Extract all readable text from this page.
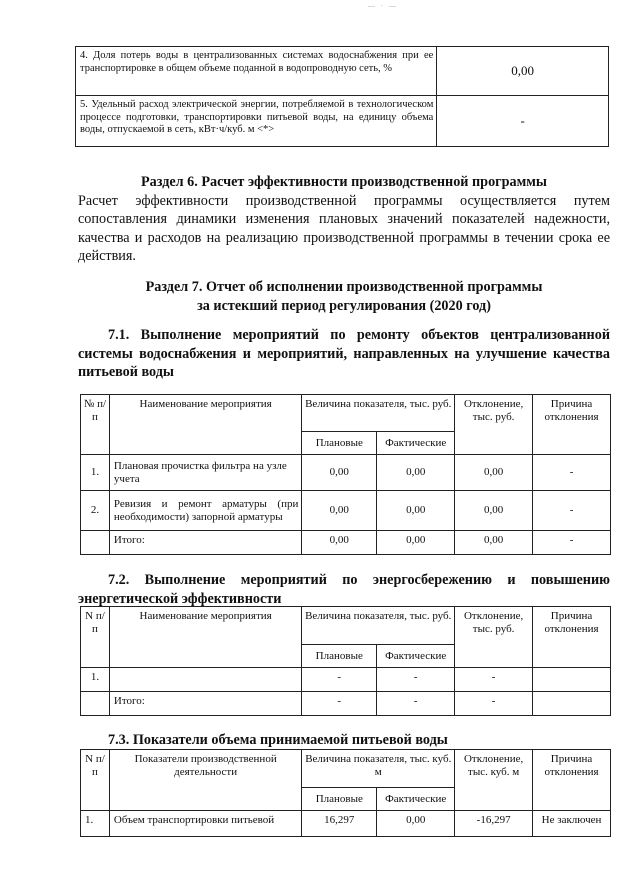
— · —
4. Доля потерь воды в централизованных системах водоснабжения при ее транспортировке в общем объеме поданной в водопроводную сеть, %	0,00
5. Удельный расход электрической энергии, потребляемой в технологическом процессе подготовки, транспортировки питьевой воды, на единицу объема воды, отпускаемой в сеть, кВт·ч/куб. м <*>	-
Раздел 6. Расчет эффективности производственной программы
Расчет эффективности производственной программы осуществляется путем сопоставления динамики изменения плановых значений показателей надежности, качества и расходов на реализацию производственной программы в течении срока ее действия.
Раздел 7. Отчет об исполнении производственной программы
за истекший период регулирования (2020 год)
7.1. Выполнение мероприятий по ремонту объектов централизованной системы водоснабжения и мероприятий, направленных на улучшение качества питьевой воды
№ п/п	Наименование мероприятия	Величина показателя, тыс. руб.		Отклонение, тыс. руб.	Причина отклонения
		Плановые	Фактические		
1.	Плановая прочистка фильтра на узле учета	0,00	0,00	0,00	-
2.	Ревизия и ремонт арматуры (при необходимости) запорной арматуры	0,00	0,00	0,00	-
	Итого:	0,00	0,00	0,00	-
7.2. Выполнение мероприятий по энергосбережению и повышению энергетической эффективности
N п/п	Наименование мероприятия	Величина показателя, тыс. руб.		Отклонение, тыс. руб.	Причина отклонения
		Плановые	Фактические		
1.		-	-	-	
	Итого:	-	-	-	
7.3. Показатели объема принимаемой питьевой воды
N п/п	Показатели производственной деятельности	Величина показателя, тыс. куб. м		Отклонение, тыс. куб. м	Причина отклонения
		Плановые	Фактические		
1.	Объем транспортировки питьевой	16,297	0,00	-16,297	Не заключен
